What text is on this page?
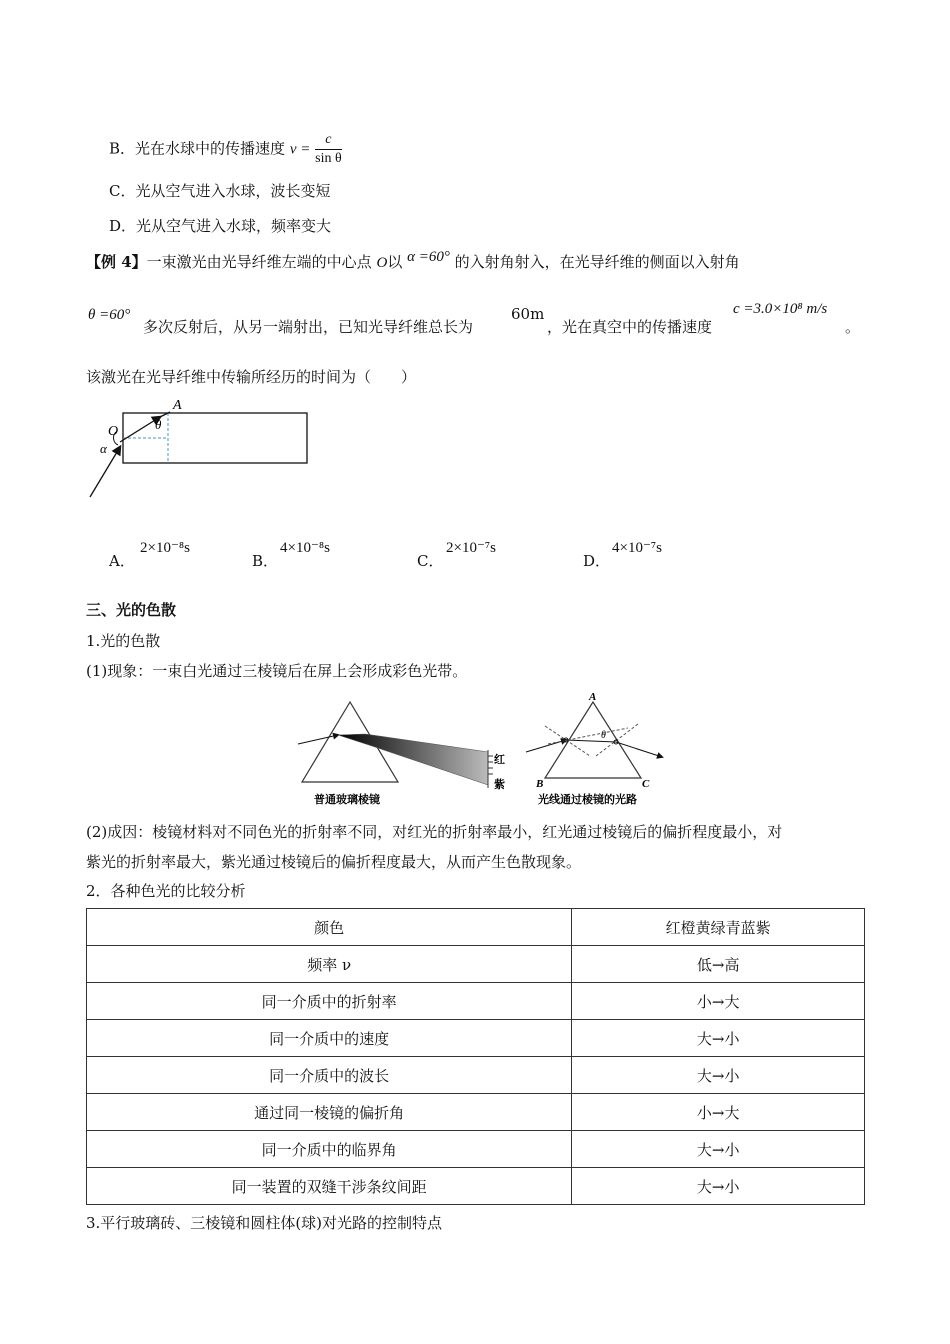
B．光在水球中的传播速度 $v = \frac{c}{\text{sin θ}}$
C．光从空气进入水球，波长变短
D．光从空气进入水球，频率变大
【例 4】一束激光由光导纤维左端的中心点 O以 α =60° 的入射角射入，在光导纤维的侧面以入射角
θ =60°
多次反射后，从另一端射出，已知光导纤维总长为
60m
，光在真空中的传播速度
c =3.0×10⁸ m/s
。
该激光在光导纤维中传输所经历的时间为（　　）
A
O
α
θ
A．
2×10⁻⁸s
B．
4×10⁻⁸s
C．
2×10⁻⁷s
D．
4×10⁻⁷s
三、光的色散
1.光的色散
(1)现象：一束白光通过三棱镜后在屏上会形成彩色光带。
红
紫
普通玻璃棱镜
A
B	C
θ
光线通过棱镜的光路
(2)成因：棱镜材料对不同色光的折射率不同，对红光的折射率最小，红光通过棱镜后的偏折程度最小，对
紫光的折射率最大，紫光通过棱镜后的偏折程度最大，从而产生色散现象。
2．各种色光的比较分析
颜色	红橙黄绿青蓝紫
频率 ν	低→高
同一介质中的折射率	小→大
同一介质中的速度	大→小
同一介质中的波长	大→小
通过同一棱镜的偏折角	小→大
同一介质中的临界角	大→小
同一装置的双缝干涉条纹间距	大→小
3.平行玻璃砖、三棱镜和圆柱体(球)对光路的控制特点
